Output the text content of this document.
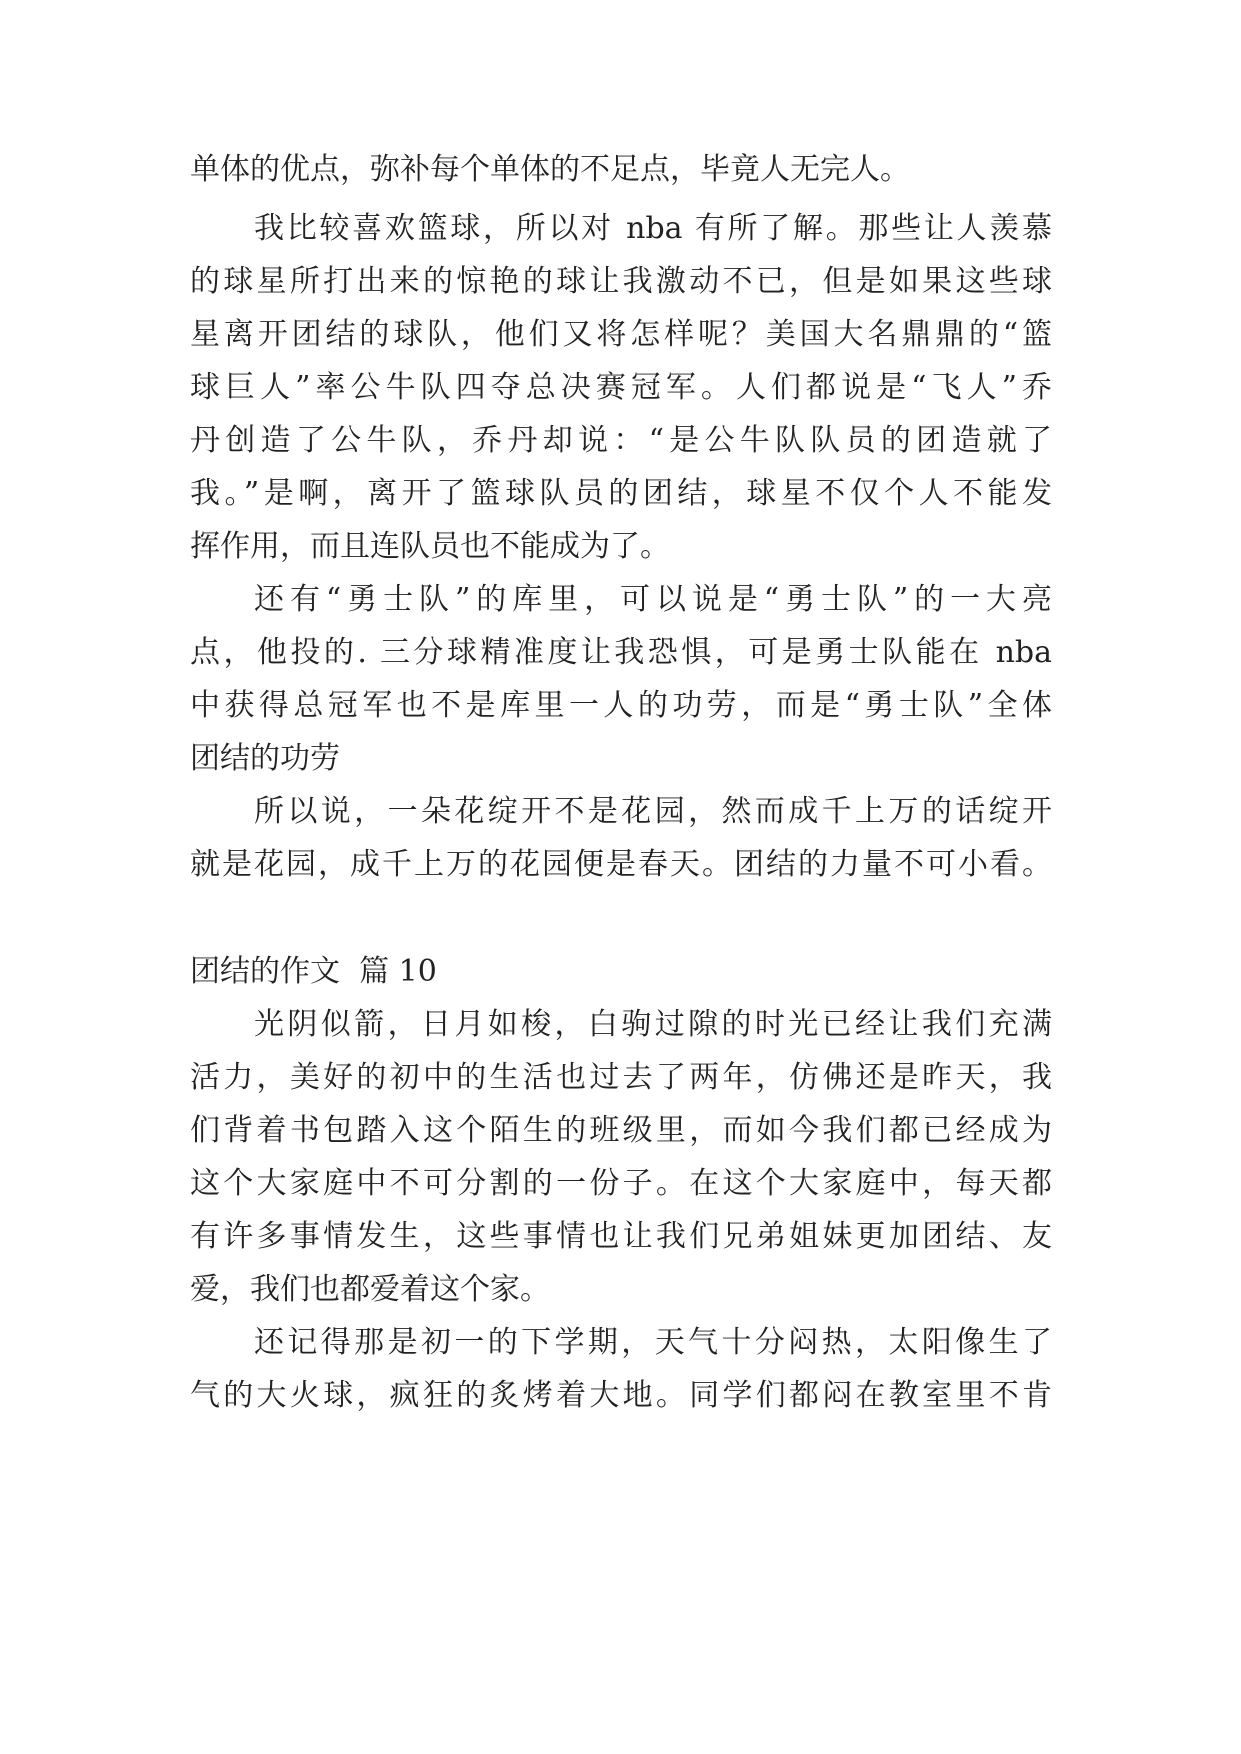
单体的优点，弥补每个单体的不足点，毕竟人无完人。
我比较喜欢篮球，所以对 nba 有所了解。那些让人羡慕
的球星所打出来的惊艳的球让我激动不已，但是如果这些球
星离开团结的球队，他们又将怎样呢？美国大名鼎鼎的“篮
球巨人”率公牛队四夺总决赛冠军。人们都说是“飞人”乔
丹创造了公牛队，乔丹却说：“是公牛队队员的团造就了
我。”是啊，离开了篮球队员的团结，球星不仅个人不能发
挥作用，而且连队员也不能成为了。
还有“勇士队”的库里，可以说是“勇士队”的一大亮
点，他投的. 三分球精准度让我恐惧，可是勇士队能在 nba
中获得总冠军也不是库里一人的功劳，而是“勇士队”全体
团结的功劳
所以说，一朵花绽开不是花园，然而成千上万的话绽开
就是花园，成千上万的花园便是春天。团结的力量不可小看。
团结的作文  篇 10
光阴似箭，日月如梭，白驹过隙的时光已经让我们充满
活力，美好的初中的生活也过去了两年，仿佛还是昨天，我
们背着书包踏入这个陌生的班级里，而如今我们都已经成为
这个大家庭中不可分割的一份子。在这个大家庭中，每天都
有许多事情发生，这些事情也让我们兄弟姐妹更加团结、友
爱，我们也都爱着这个家。
还记得那是初一的下学期，天气十分闷热，太阳像生了
气的大火球，疯狂的炙烤着大地。同学们都闷在教室里不肯
